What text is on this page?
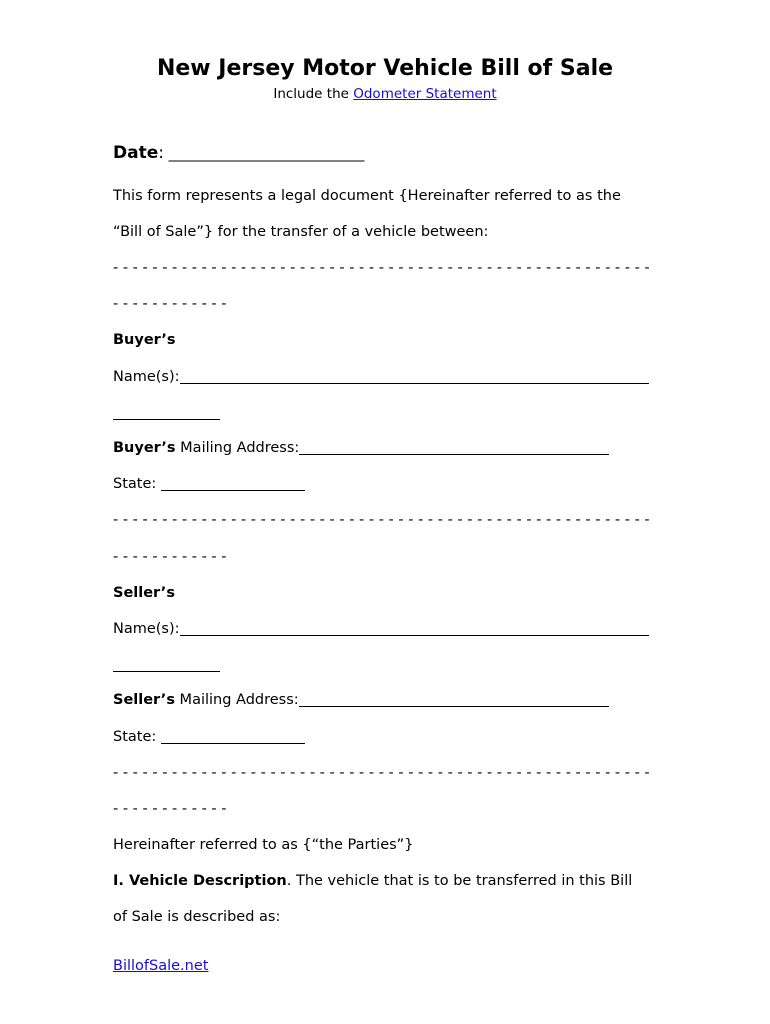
New Jersey Motor Vehicle Bill of Sale
Include the Odometer Statement

Date: ___________________________

This form represents a legal document {Hereinafter referred to as the

“Bill of Sale”} for the transfer of a vehicle between:

- - - - - - - - - - - - - - - - - - - - - - - - - - - - - - - - - - - - - - - - - - - - - - - - - - - - - - -

- - - - - - - - - - - -

Buyer’s

Name(s):

Buyer’s Mailing Address:

State:

- - - - - - - - - - - - - - - - - - - - - - - - - - - - - - - - - - - - - - - - - - - - - - - - - - - - - - -

- - - - - - - - - - - -

Seller’s

Name(s):

Seller’s Mailing Address:

State:

- - - - - - - - - - - - - - - - - - - - - - - - - - - - - - - - - - - - - - - - - - - - - - - - - - - - - - -

- - - - - - - - - - - -

Hereinafter referred to as {“the Parties”}

I. Vehicle Description. The vehicle that is to be transferred in this Bill

of Sale is described as:

BillofSale.net
